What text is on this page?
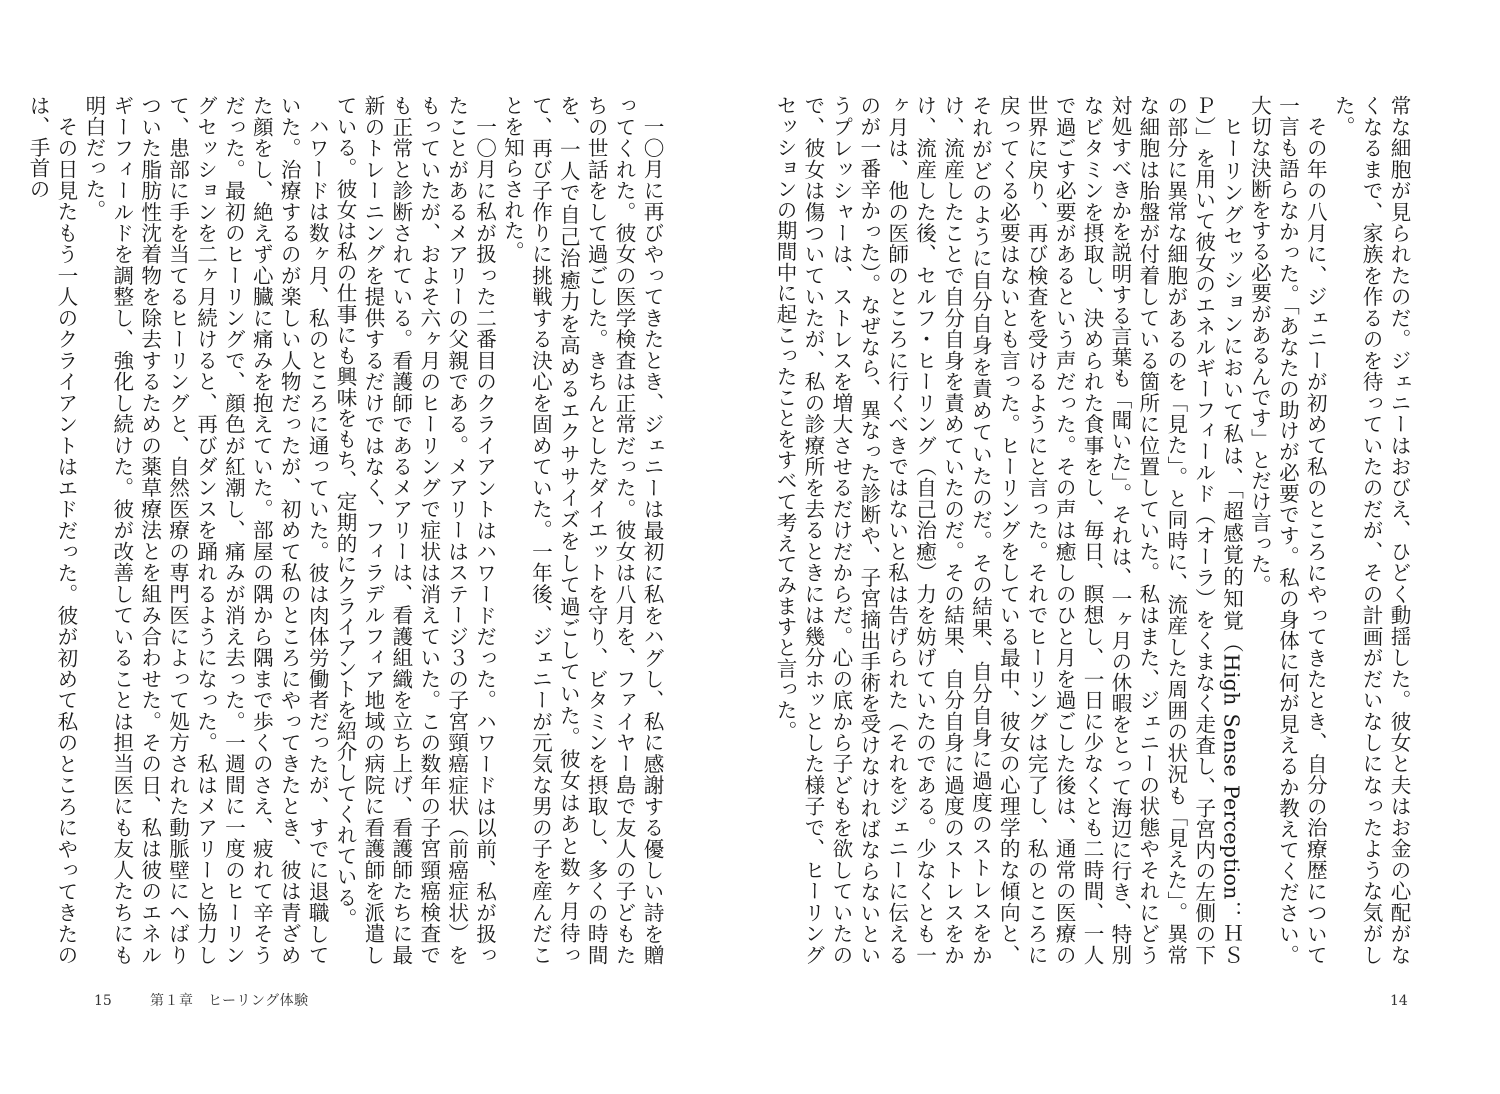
一〇月に再びやってきたとき、ジェニーは最初に私をハグし、私に感謝する優しい詩を贈ってくれた。彼女の医学検査は正常だった。彼女は八月を、ファイヤー島で友人の子どもたちの世話をして過ごした。きちんとしたダイエットを守り、ビタミンを摂取し、多くの時間を、一人で自己治癒力を高めるエクササイズをして過ごしていた。彼女はあと数ヶ月待って、再び子作りに挑戦する決心を固めていた。一年後、ジェニーが元気な男の子を産んだことを知らされた。

一〇月に私が扱った二番目のクライアントはハワードだった。ハワードは以前、私が扱ったことがあるメアリーの父親である。メアリーはステージ３の子宮頸癌症状（前癌症状）をもっていたが、およそ六ヶ月のヒーリングで症状は消えていた。この数年の子宮頸癌検査でも正常と診断されている。看護師であるメアリーは、看護組織を立ち上げ、看護師たちに最新のトレーニングを提供するだけではなく、フィラデルフィア地域の病院に看護師を派遣している。彼女は私の仕事にも興味をもち、定期的にクライアントを紹介してくれている。

ハワードは数ヶ月、私のところに通っていた。彼は肉体労働者だったが、すでに退職していた。治療するのが楽しい人物だったが、初めて私のところにやってきたとき、彼は青ざめた顔をし、絶えず心臓に痛みを抱えていた。部屋の隅から隅まで歩くのさえ、疲れて辛そうだった。最初のヒーリングで、顔色が紅潮し、痛みが消え去った。一週間に一度のヒーリングセッションを二ヶ月続けると、再びダンスを踊れるようになった。私はメアリーと協力して、患部に手を当てるヒーリングと、自然医療の専門医によって処方された動脈壁にへばりついた脂肪性沈着物を除去するための薬草療法とを組み合わせた。その日、私は彼のエネルギーフィールドを調整し、強化し続けた。彼が改善していることは担当医にも友人たちにも明白だった。

その日見たもう一人のクライアントはエドだった。彼が初めて私のところにやってきたのは、手首の

15	第１章　ヒーリング体験

常な細胞が見られたのだ。ジェニーはおびえ、ひどく動揺した。彼女と夫はお金の心配がなくなるまで、家族を作るのを待っていたのだが、その計画がだいなしになったような気がした。

その年の八月に、ジェニーが初めて私のところにやってきたとき、自分の治療歴について一言も語らなかった。「あなたの助けが必要です。私の身体に何が見えるか教えてください。大切な決断をする必要があるんです」とだけ言った。

ヒーリングセッションにおいて私は、「超感覚的知覚（High Sense Perception：ＨＳＰ）」を用いて彼女のエネルギーフィールド（オーラ）をくまなく走査し、子宮内の左側の下の部分に異常な細胞があるのを「見た」。と同時に、流産した周囲の状況も「見えた」。異常な細胞は胎盤が付着している箇所に位置していた。私はまた、ジェニーの状態やそれにどう対処すべきかを説明する言葉も「聞いた」。それは、一ヶ月の休暇をとって海辺に行き、特別なビタミンを摂取し、決められた食事をし、毎日、瞑想し、一日に少なくとも二時間、一人で過ごす必要があるという声だった。その声は癒しのひと月を過ごした後は、通常の医療の世界に戻り、再び検査を受けるようにと言った。それでヒーリングは完了し、私のところに戻ってくる必要はないとも言った。ヒーリングをしている最中、彼女の心理学的な傾向と、それがどのように自分自身を責めていたのだ。その結果、自分自身に過度のストレスをかけ、流産したことで自分自身を責めていたのだ。その結果、自分自身に過度のストレスをかけ、流産した後、セルフ・ヒーリング（自己治癒）力を妨げていたのである。少なくとも一ヶ月は、他の医師のところに行くべきではないと私は告げられた（それをジェニーに伝えるのが一番辛かった）。なぜなら、異なった診断や、子宮摘出手術を受けなければならないというプレッシャーは、ストレスを増大させるだけだからだ。心の底から子どもを欲していたので、彼女は傷ついていたが、私の診療所を去るときには幾分ホッとした様子で、ヒーリングセッションの期間中に起こったことをすべて考えてみますと言った。

14
